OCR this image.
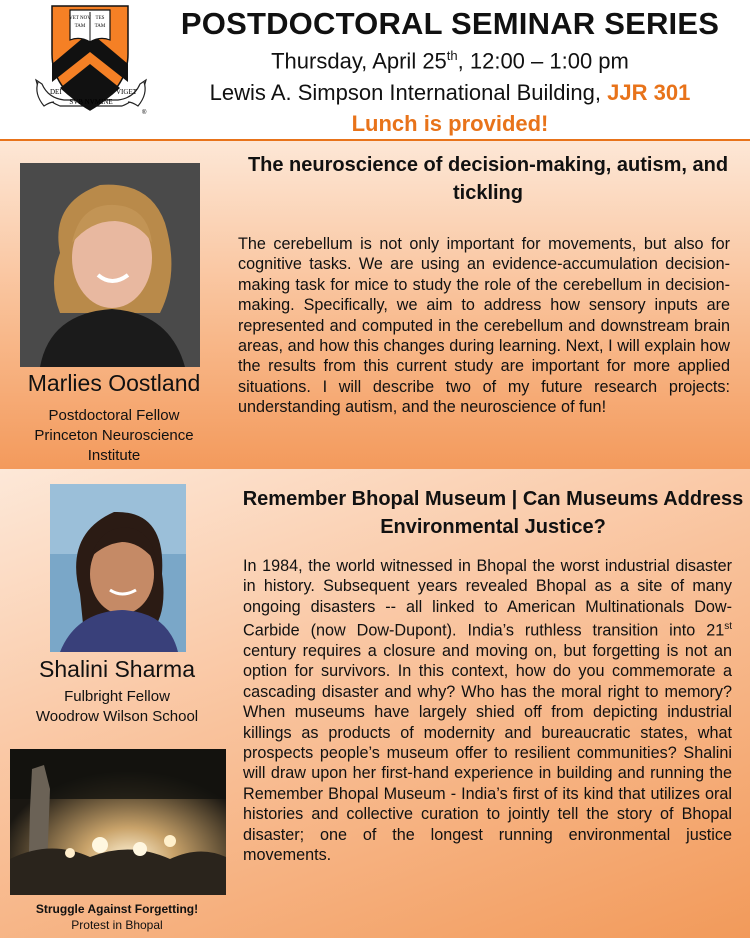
VET NOV TES
TAM TAM
DEI
SVB NVMINE
VIGET
®
POSTDOCTORAL SEMINAR SERIES
Thursday, April 25th, 12:00 – 1:00 pm
Lewis A. Simpson International Building, JJR 301
Lunch is provided!
Marlies Oostland
Postdoctoral Fellow
Princeton Neuroscience
Institute
The neuroscience of decision-making, autism, and tickling
The cerebellum is not only important for movements, but also for cognitive tasks. We are using an evidence-accumulation decision-making task for mice to study the role of the cerebellum in decision-making. Specifically, we aim to address how sensory inputs are represented and computed in the cerebellum and downstream brain areas, and how this changes during learning. Next, I will explain how the results from this current study are important for more applied situations. I will describe two of my future research projects: understanding autism, and the neuroscience of fun!
Shalini Sharma
Fulbright Fellow
Woodrow Wilson School
Struggle Against Forgetting!
Protest in Bhopal
Remember Bhopal Museum | Can Museums Address Environmental Justice?
In 1984, the world witnessed in Bhopal the worst industrial disaster in history. Subsequent years revealed Bhopal as a site of many ongoing disasters -- all linked to American Multinationals Dow-Carbide (now Dow-Dupont). India’s ruthless transition into 21st century requires a closure and moving on, but forgetting is not an option for survivors. In this context, how do you commemorate a cascading disaster and why? Who has the moral right to memory? When museums have largely shied off from depicting industrial killings as products of modernity and bureaucratic states, what prospects people’s museum offer to resilient communities? Shalini will draw upon her first-hand experience in building and running the Remember Bhopal Museum - India’s first of its kind that utilizes oral histories and collective curation to jointly tell the story of Bhopal disaster; one of the longest running environmental justice movements.
